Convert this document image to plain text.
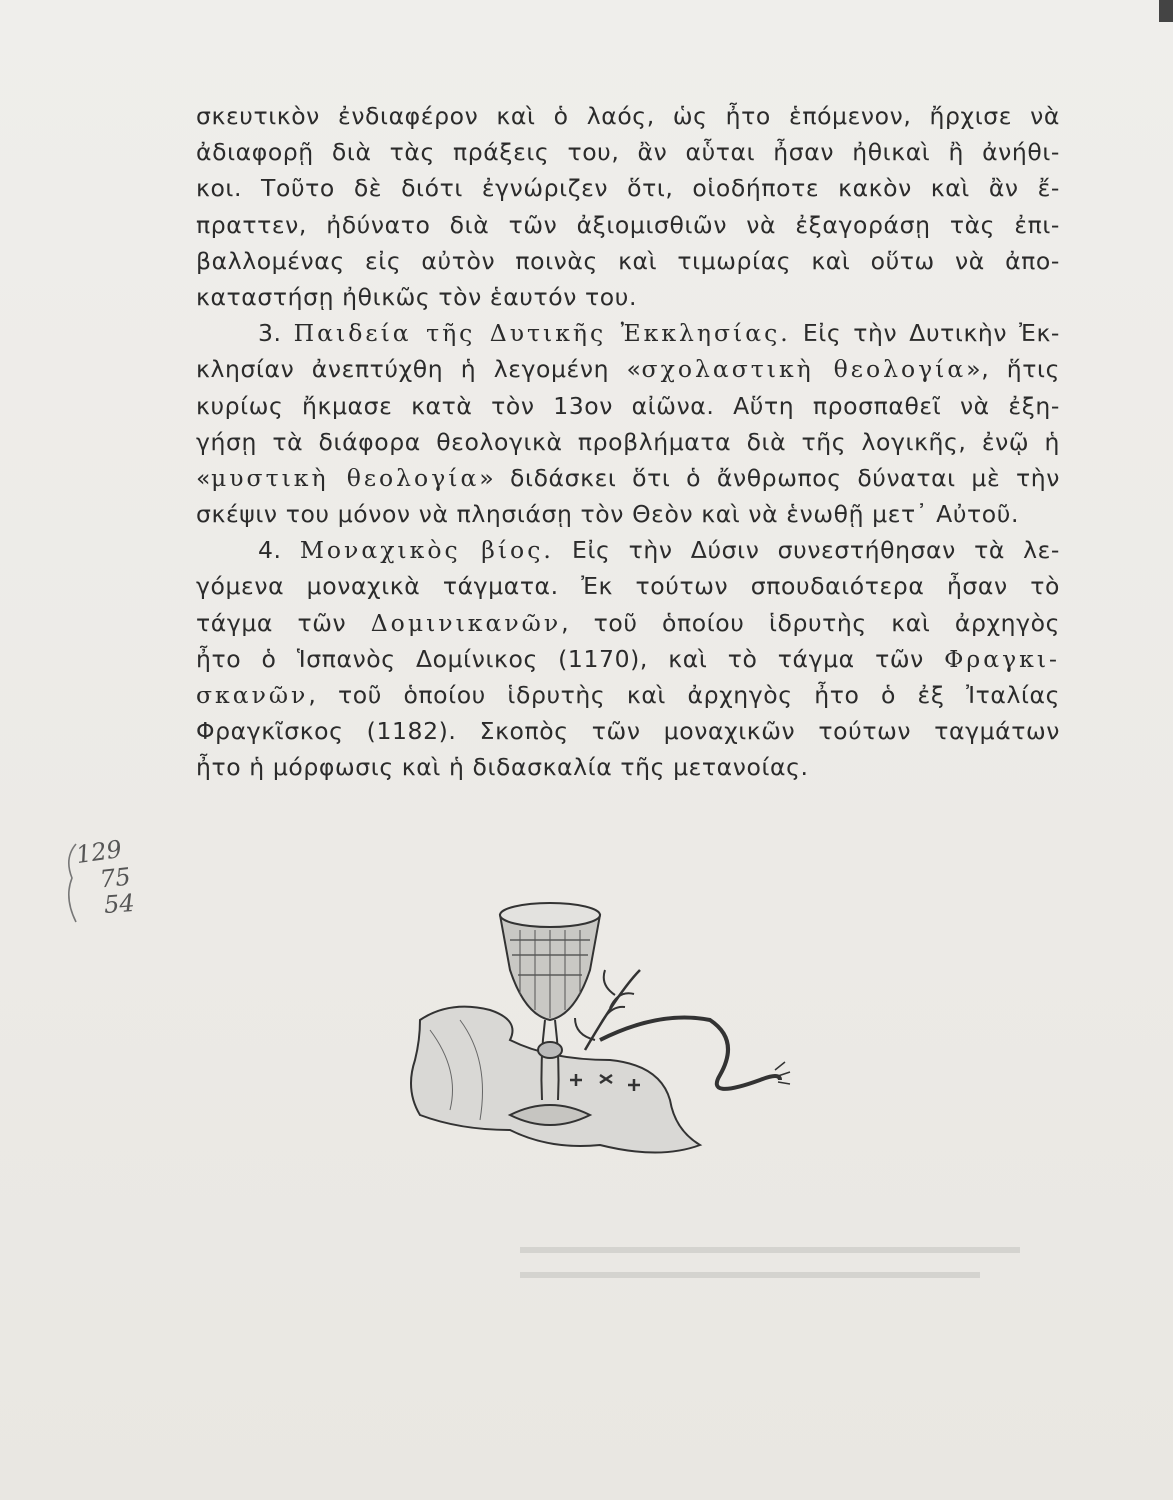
σκευτικὸν ἐνδιαφέρον καὶ ὁ λαός, ὡς ἦτο ἑπόμενον, ἤρχισε νὰ
ἀδιαφορῇ διὰ τὰς πράξεις του, ἂν αὗται ἦσαν ἠθικαὶ ἢ ἀνήθι-
κοι. Τοῦτο δὲ διότι ἐγνώριζεν ὅτι, οἱοδήποτε κακὸν καὶ ἂν ἔ-
πραττεν, ἠδύνατο διὰ τῶν ἀξιομισθιῶν νὰ ἐξαγοράσῃ τὰς ἐπι-
βαλλομένας εἰς αὐτὸν ποινὰς καὶ τιμωρίας καὶ οὕτω νὰ ἀπο-
καταστήσῃ ἠθικῶς τὸν ἑαυτόν του.
3. Παιδεία τῆς Δυτικῆς Ἐκκλησίας. Εἰς τὴν Δυτικὴν Ἐκ-
κλησίαν ἀνεπτύχθη ἡ λεγομένη «σχολαστικὴ θεολογία», ἥτις
κυρίως ἤκμασε κατὰ τὸν 13ον αἰῶνα. Αὕτη προσπαθεῖ νὰ ἐξη-
γήσῃ τὰ διάφορα θεολογικὰ προβλήματα διὰ τῆς λογικῆς, ἐνῷ ἡ
«μυστικὴ θεολογία» διδάσκει ὅτι ὁ ἄνθρωπος δύναται μὲ τὴν
σκέψιν του μόνον νὰ πλησιάσῃ τὸν Θεὸν καὶ νὰ ἑνωθῇ μετ᾿ Αὐτοῦ.
4. Μοναχικὸς βίος. Εἰς τὴν Δύσιν συνεστήθησαν τὰ λε-
γόμενα μοναχικὰ τάγματα. Ἐκ τούτων σπουδαιότερα ἦσαν τὸ
τάγμα τῶν Δομινικανῶν, τοῦ ὁποίου ἱδρυτὴς καὶ ἀρχηγὸς
ἦτο ὁ Ἱσπανὸς Δομίνικος (1170), καὶ τὸ τάγμα τῶν Φραγκι-
σκανῶν, τοῦ ὁποίου ἱδρυτὴς καὶ ἀρχηγὸς ἦτο ὁ ἐξ Ἰταλίας
Φραγκῖσκος (1182). Σκοπὸς τῶν μοναχικῶν τούτων ταγμάτων
ἦτο ἡ μόρφωσις καὶ ἡ διδασκαλία τῆς μετανοίας.
129
75
54
